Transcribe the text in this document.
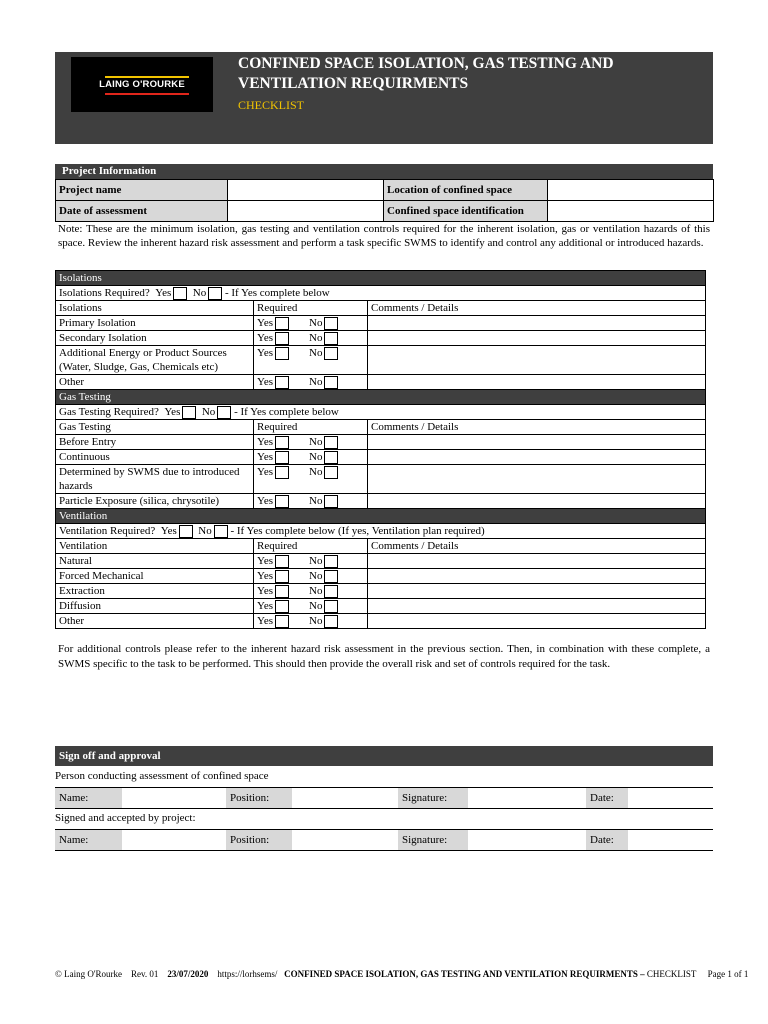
LAING O'ROURKE
CONFINED SPACE ISOLATION, GAS TESTING AND VENTILATION REQUIRMENTS
CHECKLIST
Project Information
Project name		Location of confined space	
Date of assessment		Confined space identification	
Note: These are the minimum isolation, gas testing and ventilation controls required for the inherent isolation, gas or ventilation hazards of this space. Review the inherent hazard risk assessment and perform a task specific SWMS to identify and control any additional or introduced hazards.
Isolations		
Isolations Required? Yes No - If Yes complete below		
Isolations	Required	Comments / Details
Primary Isolation	Yes No	
Secondary Isolation	Yes No	
Additional Energy or Product Sources (Water, Sludge, Gas, Chemicals etc)	Yes No	
Other	Yes No	
Gas Testing		
Gas Testing Required? Yes No - If Yes complete below		
Gas Testing	Required	Comments / Details
Before Entry	Yes No	
Continuous	Yes No	
Determined by SWMS due to introduced hazards	Yes No	
Particle Exposure (silica, chrysotile)	Yes No	
Ventilation		
Ventilation Required? Yes No - If Yes complete below (If yes, Ventilation plan required)		
Ventilation	Required	Comments / Details
Natural	Yes No	
Forced Mechanical	Yes No	
Extraction	Yes No	
Diffusion	Yes No	
Other	Yes No	
For additional controls please refer to the inherent hazard risk assessment in the previous section. Then, in combination with these complete, a SWMS specific to the task to be performed. This should then provide the overall risk and set of controls required for the task.
Sign off and approval
Person conducting assessment of confined space
Name:	Position:	Signature:	Date:
Signed and accepted by project:
Name:	Position:	Signature:	Date:
© Laing O'Rourke Rev. 01 23/07/2020 https://lorhsems/ CONFINED SPACE ISOLATION, GAS TESTING AND VENTILATION REQUIRMENTS – CHECKLIST Page 1 of 1
